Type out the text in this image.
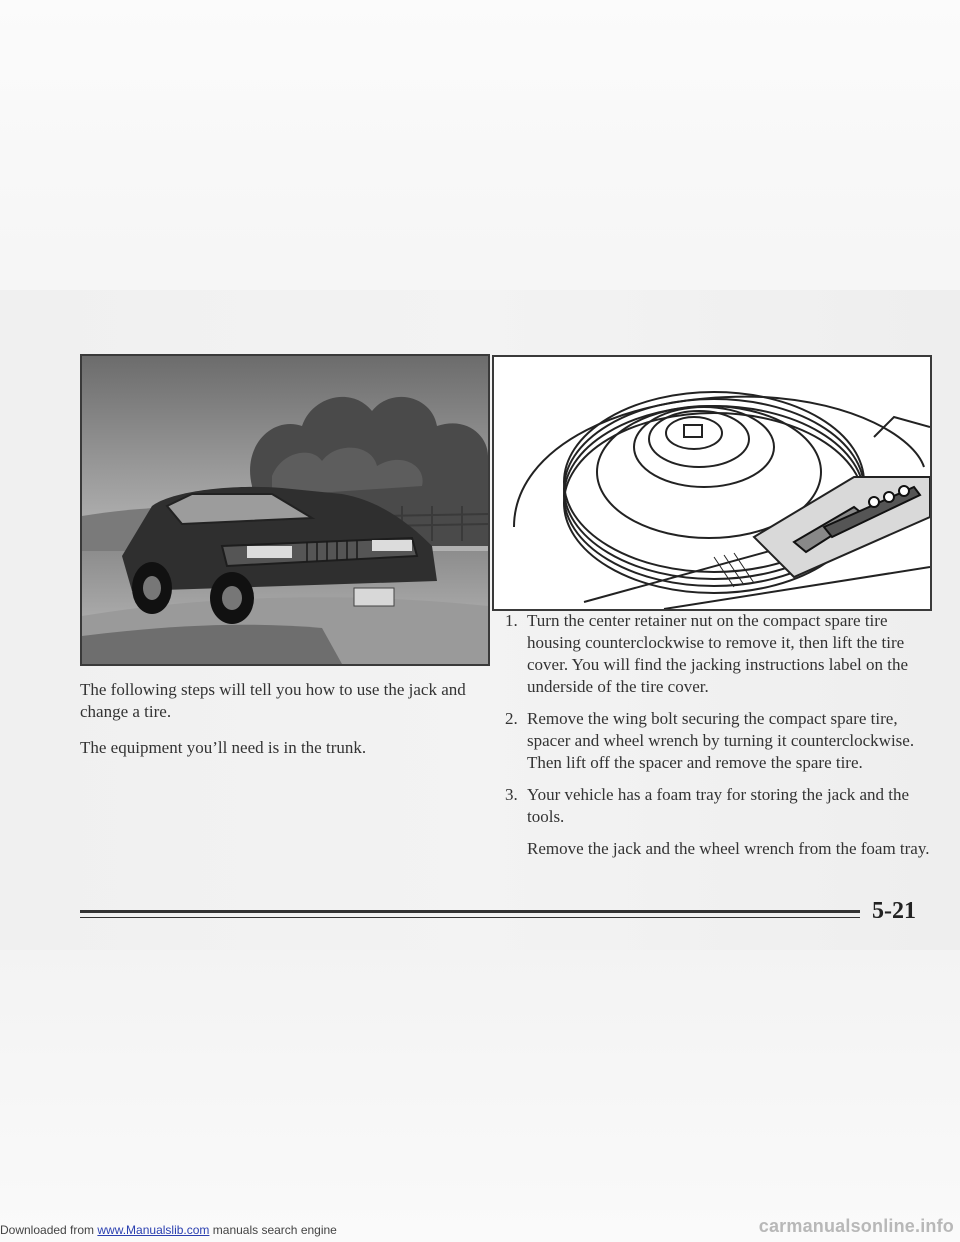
The following steps will tell you how to use the jack and change a tire.

The equipment you’ll need is in the trunk.

1. Turn the center retainer nut on the compact spare tire housing counterclockwise to remove it, then lift the tire cover. You will find the jacking instructions label on the underside of the tire cover.
2. Remove the wing bolt securing the compact spare tire, spacer and wheel wrench by turning it counterclockwise. Then lift off the spacer and remove the spare tire.
3. Your vehicle has a foam tray for storing the jack and the tools.
Remove the jack and the wheel wrench from the foam tray.
5-21
Downloaded from www.Manualslib.com manuals search engine	carmanualsonline.info
